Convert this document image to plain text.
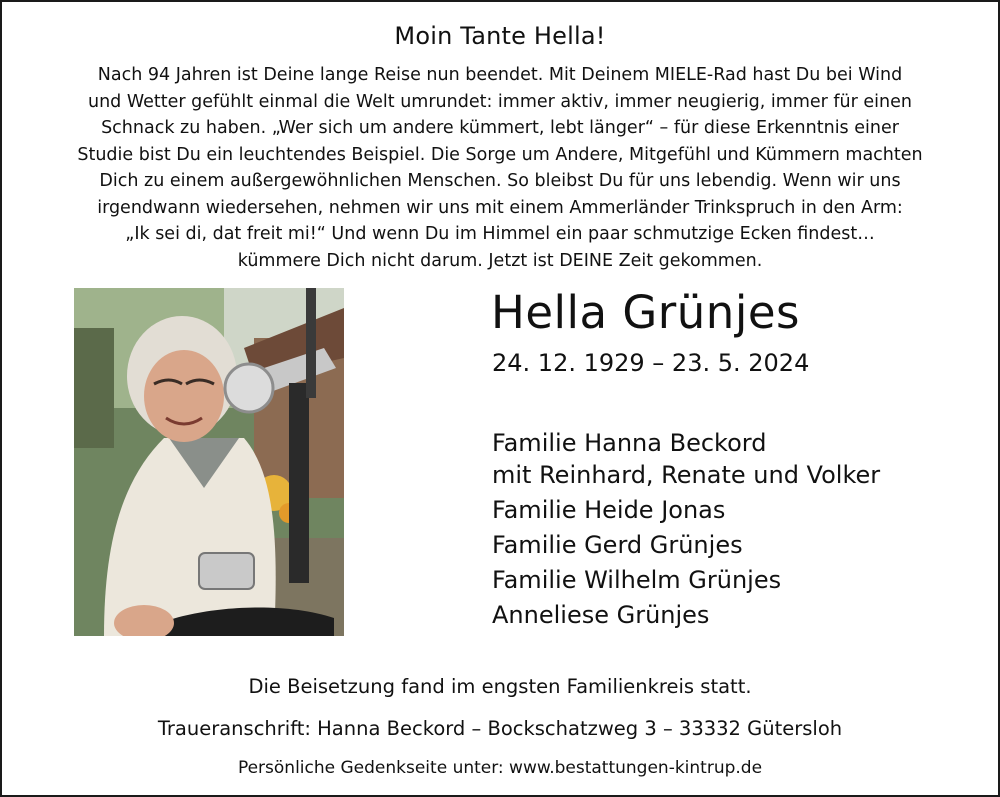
Moin Tante Hella!
Nach 94 Jahren ist Deine lange Reise nun beendet. Mit Deinem MIELE-Rad hast Du bei Wind
und Wetter gefühlt einmal die Welt umrundet: immer aktiv, immer neugierig, immer für einen
Schnack zu haben. „Wer sich um andere kümmert, lebt länger“ – für diese Erkenntnis einer
Studie bist Du ein leuchtendes Beispiel. Die Sorge um Andere, Mitgefühl und Kümmern machten
Dich zu einem außergewöhnlichen Menschen. So bleibst Du für uns lebendig. Wenn wir uns
irgendwann wiedersehen, nehmen wir uns mit einem Ammerländer Trinkspruch in den Arm:
„Ik sei di, dat freit mi!“ Und wenn Du im Himmel ein paar schmutzige Ecken findest…
kümmere Dich nicht darum. Jetzt ist DEINE Zeit gekommen.
Hella Grünjes
24. 12. 1929 – 23. 5. 2024
Familie Hanna Beckord
mit Reinhard, Renate und Volker
Familie Heide Jonas
Familie Gerd Grünjes
Familie Wilhelm Grünjes
Anneliese Grünjes
Die Beisetzung fand im engsten Familienkreis statt.
Traueranschrift: Hanna Beckord – Bockschatzweg 3 – 33332 Gütersloh
Persönliche Gedenkseite unter: www.bestattungen-kintrup.de
